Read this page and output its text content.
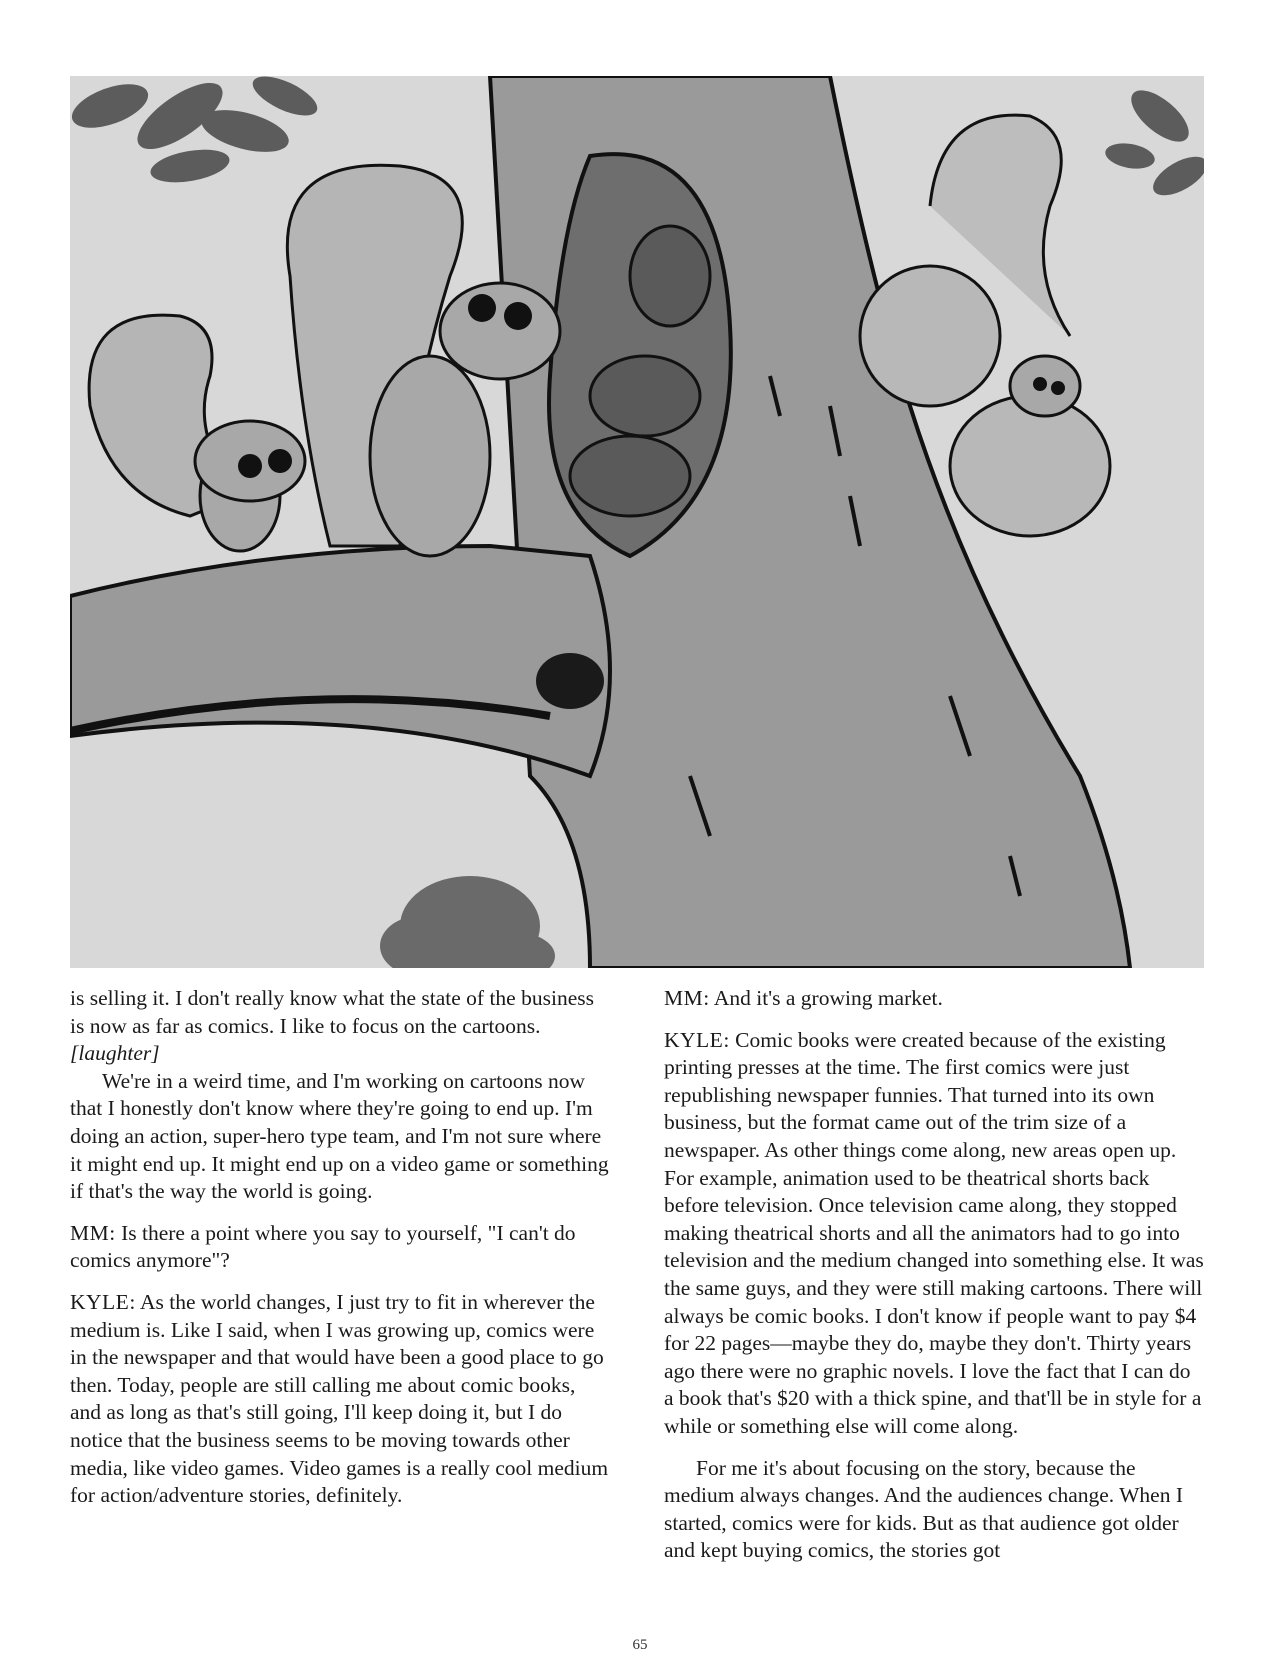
is selling it. I don't really know what the state of the business is now as far as comics. I like to focus on the cartoons. [laughter]

We're in a weird time, and I'm working on cartoons now that I honestly don't know where they're going to end up. I'm doing an action, super-hero type team, and I'm not sure where it might end up. It might end up on a video game or something if that's the way the world is going.

MM: Is there a point where you say to yourself, "I can't do comics anymore"?

KYLE: As the world changes, I just try to fit in wherever the medium is. Like I said, when I was growing up, comics were in the newspaper and that would have been a good place to go then. Today, people are still calling me about comic books, and as long as that's still going, I'll keep doing it, but I do notice that the business seems to be moving towards other media, like video games. Video games is a really cool medium for action/adventure stories, definitely.

MM: And it's a growing market.

KYLE: Comic books were created because of the existing printing presses at the time. The first comics were just republishing newspaper funnies. That turned into its own business, but the format came out of the trim size of a newspaper. As other things come along, new areas open up. For example, animation used to be theatrical shorts back before television. Once television came along, they stopped making theatrical shorts and all the animators had to go into television and the medium changed into something else. It was the same guys, and they were still making cartoons. There will always be comic books. I don't know if people want to pay $4 for 22 pages—maybe they do, maybe they don't. Thirty years ago there were no graphic novels. I love the fact that I can do a book that's $20 with a thick spine, and that'll be in style for a while or something else will come along.

For me it's about focusing on the story, because the medium always changes. And the audiences change. When I started, comics were for kids. But as that audience got older and kept buying comics, the stories got

65
